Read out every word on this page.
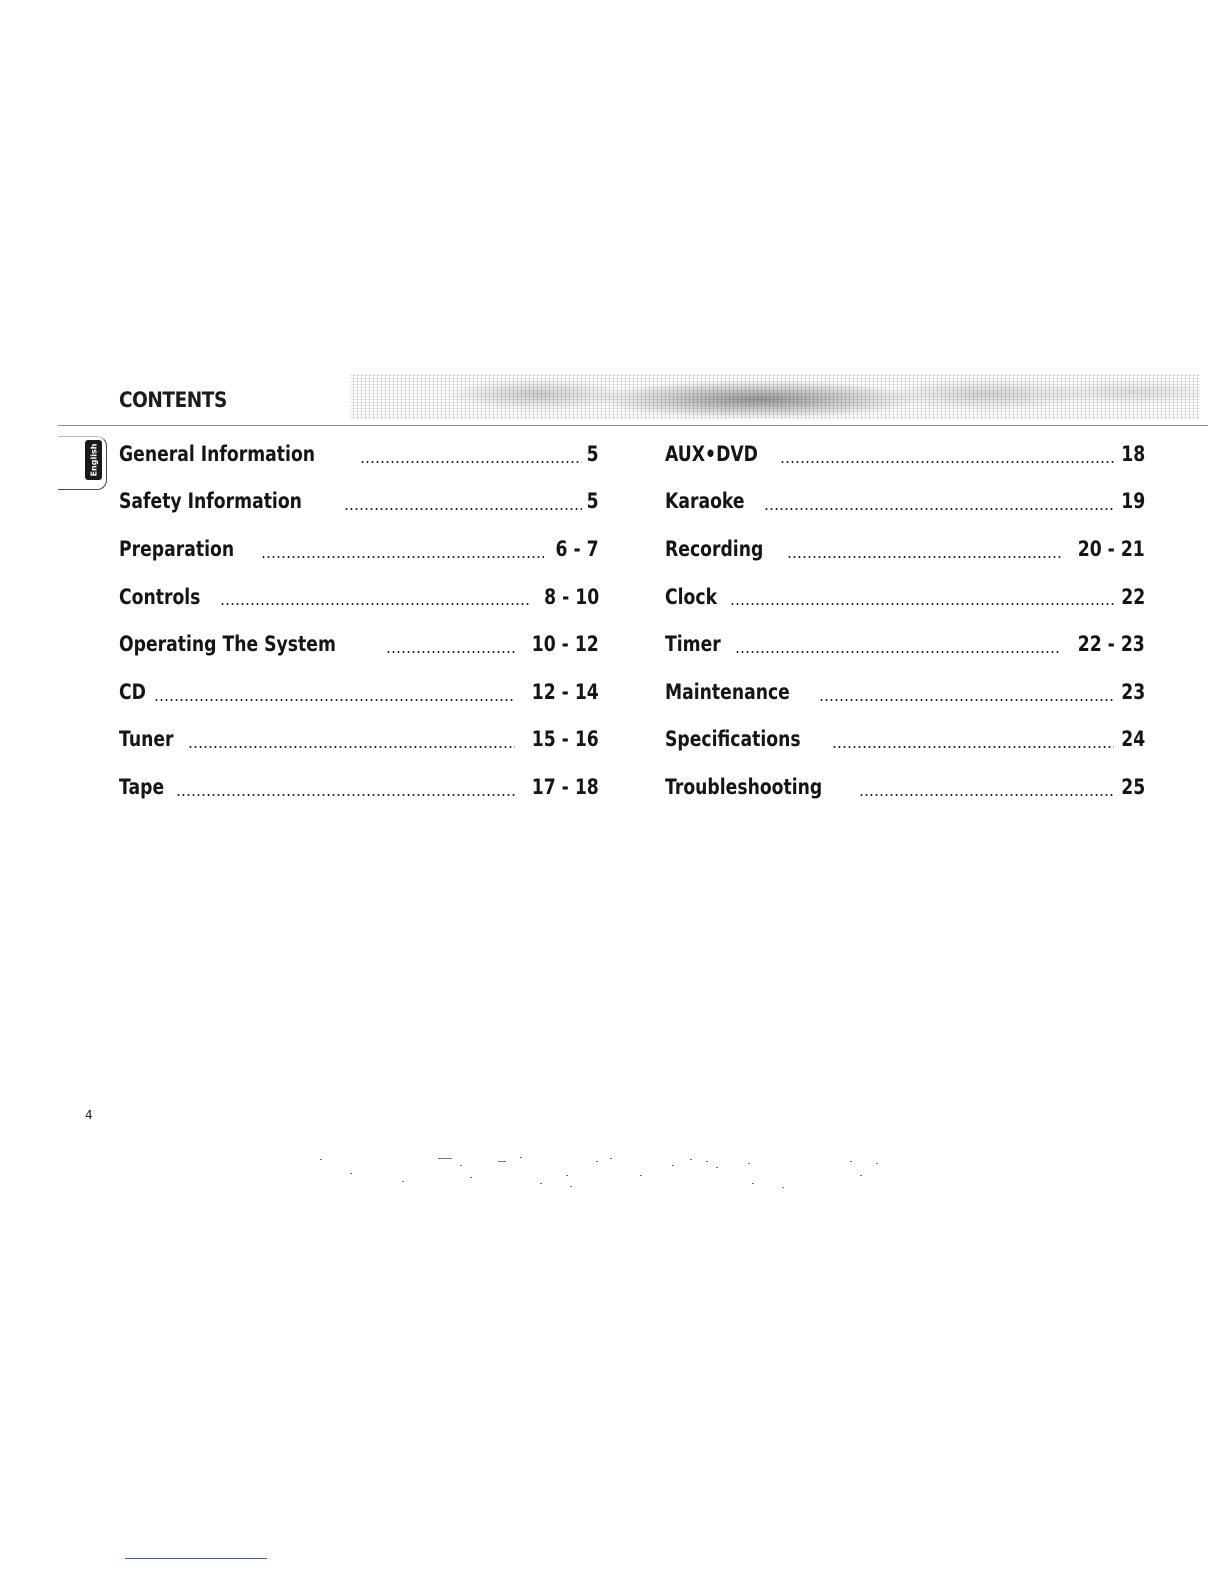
CONTENTS
English General Information	5
Safety Information	5
Preparation	6 - 7
Controls	8 - 10
Operating The System	10 - 12
CD	12 - 14
Tuner	15 - 16
Tape	17 - 18
AUX•DVD	18
Karaoke	19
Recording	20 - 21
Clock	22
Timer	22 - 23
Maintenance	23
Specifications	24
Troubleshooting	25
4
